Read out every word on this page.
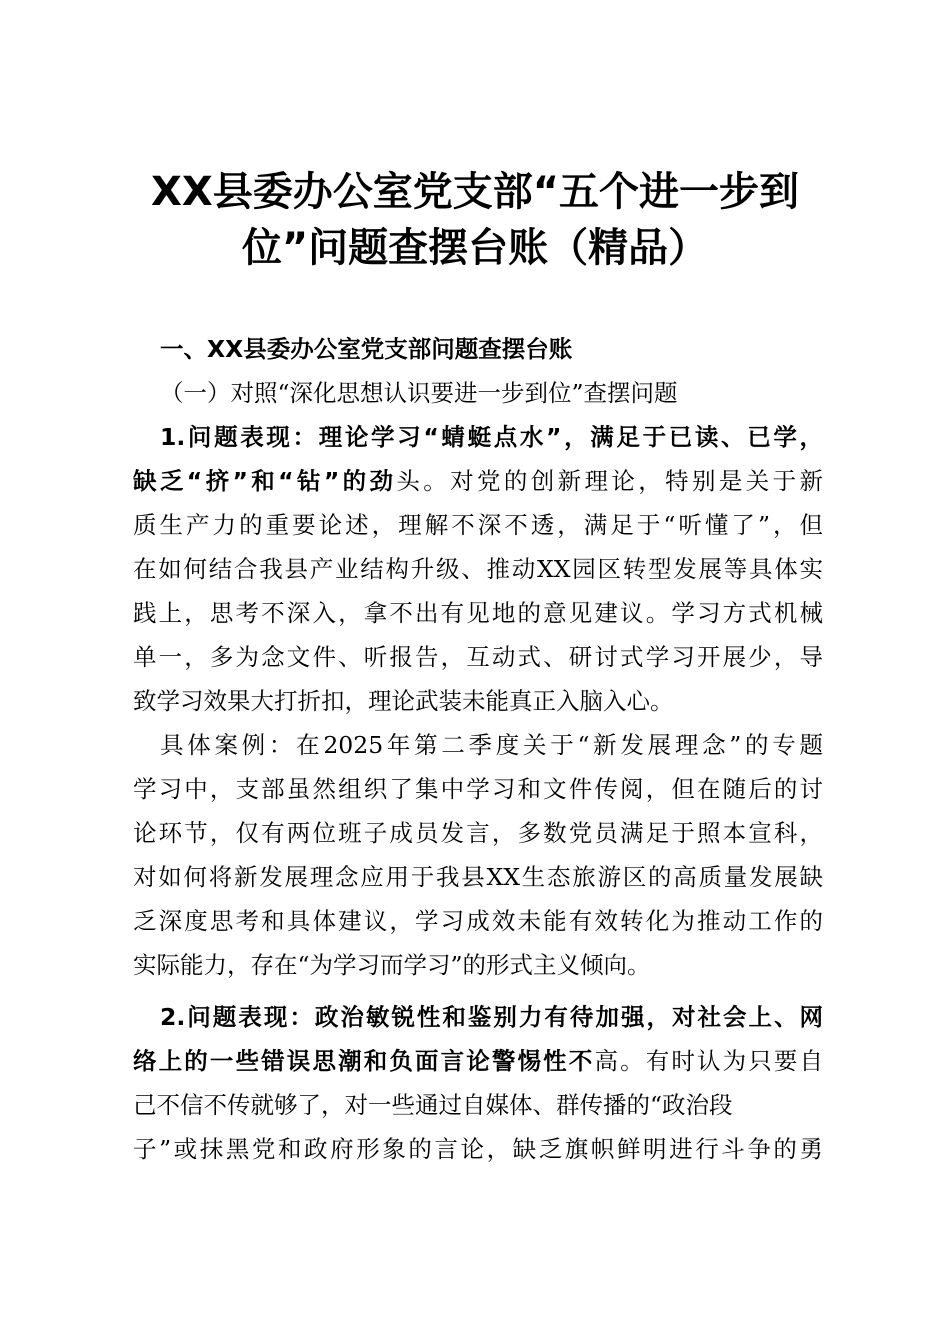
XX县委办公室党支部“五个进一步到
位”问题查摆台账（精品）
一、XX县委办公室党支部问题查摆台账
（一）对照“深化思想认识要进一步到位”查摆问题
1.问题表现：理论学习“蜻蜓点水”，满足于已读、已学，
缺乏“挤”和“钻”的劲头。对党的创新理论，特别是关于新
质生产力的重要论述，理解不深不透，满足于“听懂了”，但
在如何结合我县产业结构升级、推动XX园区转型发展等具体实
践上，思考不深入，拿不出有见地的意见建议。学习方式机械
单一，多为念文件、听报告，互动式、研讨式学习开展少，导
致学习效果大打折扣，理论武装未能真正入脑入心。
具体案例：在2025年第二季度关于“新发展理念”的专题
学习中，支部虽然组织了集中学习和文件传阅，但在随后的讨
论环节，仅有两位班子成员发言，多数党员满足于照本宣科，
对如何将新发展理念应用于我县XX生态旅游区的高质量发展缺
乏深度思考和具体建议，学习成效未能有效转化为推动工作的
实际能力，存在“为学习而学习”的形式主义倾向。
2.问题表现：政治敏锐性和鉴别力有待加强，对社会上、网
络上的一些错误思潮和负面言论警惕性不高。有时认为只要自
己不信不传就够了，对一些通过自媒体、群传播的“政治段
子”或抹黑党和政府形象的言论，缺乏旗帜鲜明进行斗争的勇
